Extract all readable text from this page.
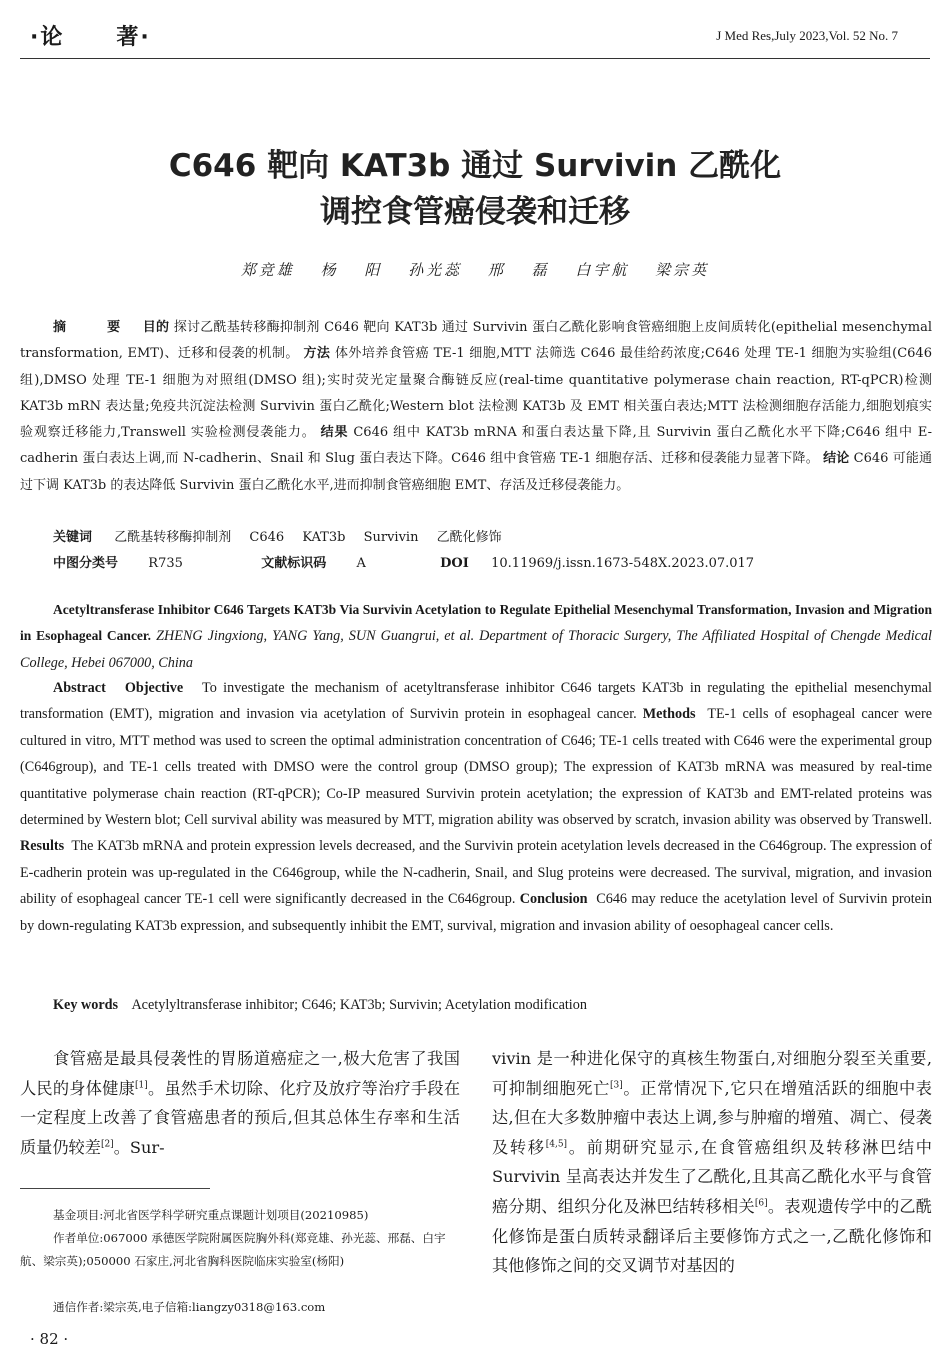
·论 著·	J Med Res,July 2023,Vol. 52 No. 7
C646 靶向 KAT3b 通过 Survivin 乙酰化
调控食管癌侵袭和迁移
郑竞雄 杨 阳 孙光蕊 邢 磊 白宇航 梁宗英
摘 要 目的 探讨乙酰基转移酶抑制剂 C646 靶向 KAT3b 通过 Survivin 蛋白乙酰化影响食管癌细胞上皮间质转化(epithelial mesenchymal transformation, EMT)、迁移和侵袭的机制。 方法 体外培养食管癌 TE-1 细胞,MTT 法筛选 C646 最佳给药浓度;C646 处理 TE-1 细胞为实验组(C646 组),DMSO 处理 TE-1 细胞为对照组(DMSO 组);实时荧光定量聚合酶链反应(real-time quantitative polymerase chain reaction, RT-qPCR)检测 KAT3b mRN 表达量;免疫共沉淀法检测 Survivin 蛋白乙酰化;Western blot 法检测 KAT3b 及 EMT 相关蛋白表达;MTT 法检测细胞存活能力,细胞划痕实验观察迁移能力,Transwell 实验检测侵袭能力。 结果 C646 组中 KAT3b mRNA 和蛋白表达量下降,且 Survivin 蛋白乙酰化水平下降;C646 组中 E-cadherin 蛋白表达上调,而 N-cadherin、Snail 和 Slug 蛋白表达下降。C646 组中食管癌 TE-1 细胞存活、迁移和侵袭能力显著下降。 结论 C646 可能通过下调 KAT3b 的表达降低 Survivin 蛋白乙酰化水平,进而抑制食管癌细胞 EMT、存活及迁移侵袭能力。
关键词 乙酰基转移酶抑制剂 C646 KAT3b Survivin 乙酰化修饰
中图分类号 R735	文献标识码 A	DOI 10.11969/j.issn.1673-548X.2023.07.017
Acetyltransferase Inhibitor C646 Targets KAT3b Via Survivin Acetylation to Regulate Epithelial Mesenchymal Transformation, Invasion and Migration in Esophageal Cancer. ZHENG Jingxiong, YANG Yang, SUN Guangrui, et al. Department of Thoracic Surgery, The Affiliated Hospital of Chengde Medical College, Hebei 067000, China
Abstract Objective To investigate the mechanism of acetyltransferase inhibitor C646 targets KAT3b in regulating the epithelial mesenchymal transformation (EMT), migration and invasion via acetylation of Survivin protein in esophageal cancer. Methods TE-1 cells of esophageal cancer were cultured in vitro, MTT method was used to screen the optimal administration concentration of C646; TE-1 cells treated with C646 were the experimental group (C646group), and TE-1 cells treated with DMSO were the control group (DMSO group); The expression of KAT3b mRNA was measured by real-time quantitative polymerase chain reaction (RT-qPCR); Co-IP measured Survivin protein acetylation; the expression of KAT3b and EMT-related proteins was determined by Western blot; Cell survival ability was measured by MTT, migration ability was observed by scratch, invasion ability was observed by Transwell. Results The KAT3b mRNA and protein expression levels decreased, and the Survivin protein acetylation levels decreased in the C646group. The expression of E-cadherin protein was up-regulated in the C646group, while the N-cadherin, Snail, and Slug proteins were decreased. The survival, migration, and invasion ability of esophageal cancer TE-1 cell were significantly decreased in the C646group. Conclusion C646 may reduce the acetylation level of Survivin protein by down-regulating KAT3b expression, and subsequently inhibit the EMT, survival, migration and invasion ability of oesophageal cancer cells.
Key words Acetylyltransferase inhibitor; C646; KAT3b; Survivin; Acetylation modification
食管癌是最具侵袭性的胃肠道癌症之一,极大危害了我国人民的身体健康[1]。虽然手术切除、化疗及放疗等治疗手段在一定程度上改善了食管癌患者的预后,但其总体生存率和生活质量仍较差[2]。Sur-
vivin 是一种进化保守的真核生物蛋白,对细胞分裂至关重要,可抑制细胞死亡[3]。正常情况下,它只在增殖活跃的细胞中表达,但在大多数肿瘤中表达上调,参与肿瘤的增殖、凋亡、侵袭及转移[4,5]。前期研究显示,在食管癌组织及转移淋巴结中 Survivin 呈高表达并发生了乙酰化,且其高乙酰化水平与食管癌分期、组织分化及淋巴结转移相关[6]。表观遗传学中的乙酰化修饰是蛋白质转录翻译后主要修饰方式之一,乙酰化修饰和其他修饰之间的交叉调节对基因的
基金项目:河北省医学科学研究重点课题计划项目(20210985)
作者单位:067000 承德医学院附属医院胸外科(郑竞雄、孙光蕊、邢磊、白宇航、梁宗英);050000 石家庄,河北省胸科医院临床实验室(杨阳)
通信作者:梁宗英,电子信箱:liangzy0318@163.com
· 82 ·
